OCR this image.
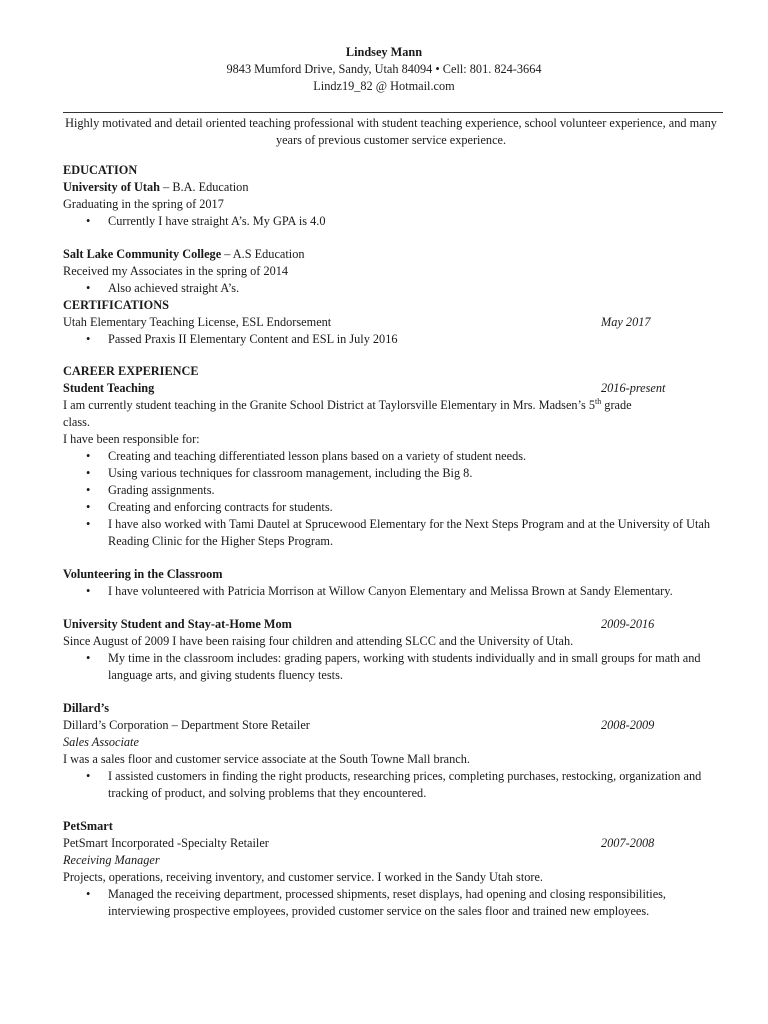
Lindsey Mann
9843 Mumford Drive, Sandy, Utah 84094 • Cell: 801. 824-3664
Lindz19_82 @ Hotmail.com
Highly motivated and detail oriented teaching professional with student teaching experience, school volunteer experience, and many years of previous customer service experience.
EDUCATION
University of Utah – B.A. Education
Graduating in the spring of 2017
• Currently I have straight A’s. My GPA is 4.0
Salt Lake Community College – A.S Education
Received my Associates in the spring of 2014
• Also achieved straight A’s.
CERTIFICATIONS
Utah Elementary Teaching License, ESL Endorsement	May 2017
• Passed Praxis II Elementary Content and ESL in July 2016
CAREER EXPERIENCE
Student Teaching	2016-present
I am currently student teaching in the Granite School District at Taylorsville Elementary in Mrs. Madsen’s 5th grade
class.
I have been responsible for:
• Creating and teaching differentiated lesson plans based on a variety of student needs.
• Using various techniques for classroom management, including the Big 8.
• Grading assignments.
• Creating and enforcing contracts for students.
• I have also worked with Tami Dautel at Sprucewood Elementary for the Next Steps Program and at the University of Utah Reading Clinic for the Higher Steps Program.
Volunteering in the Classroom
• I have volunteered with Patricia Morrison at Willow Canyon Elementary and Melissa Brown at Sandy Elementary.
University Student and Stay-at-Home Mom	2009-2016
Since August of 2009 I have been raising four children and attending SLCC and the University of Utah.
• My time in the classroom includes: grading papers, working with students individually and in small groups for math and language arts, and giving students fluency tests.
Dillard’s
Dillard’s Corporation – Department Store Retailer	2008-2009
Sales Associate
I was a sales floor and customer service associate at the South Towne Mall branch.
• I assisted customers in finding the right products, researching prices, completing purchases, restocking, organization and tracking of product, and solving problems that they encountered.
PetSmart
PetSmart Incorporated -Specialty Retailer	2007-2008
Receiving Manager
Projects, operations, receiving inventory, and customer service. I worked in the Sandy Utah store.
• Managed the receiving department, processed shipments, reset displays, had opening and closing responsibilities, interviewing prospective employees, provided customer service on the sales floor and trained new employees.
